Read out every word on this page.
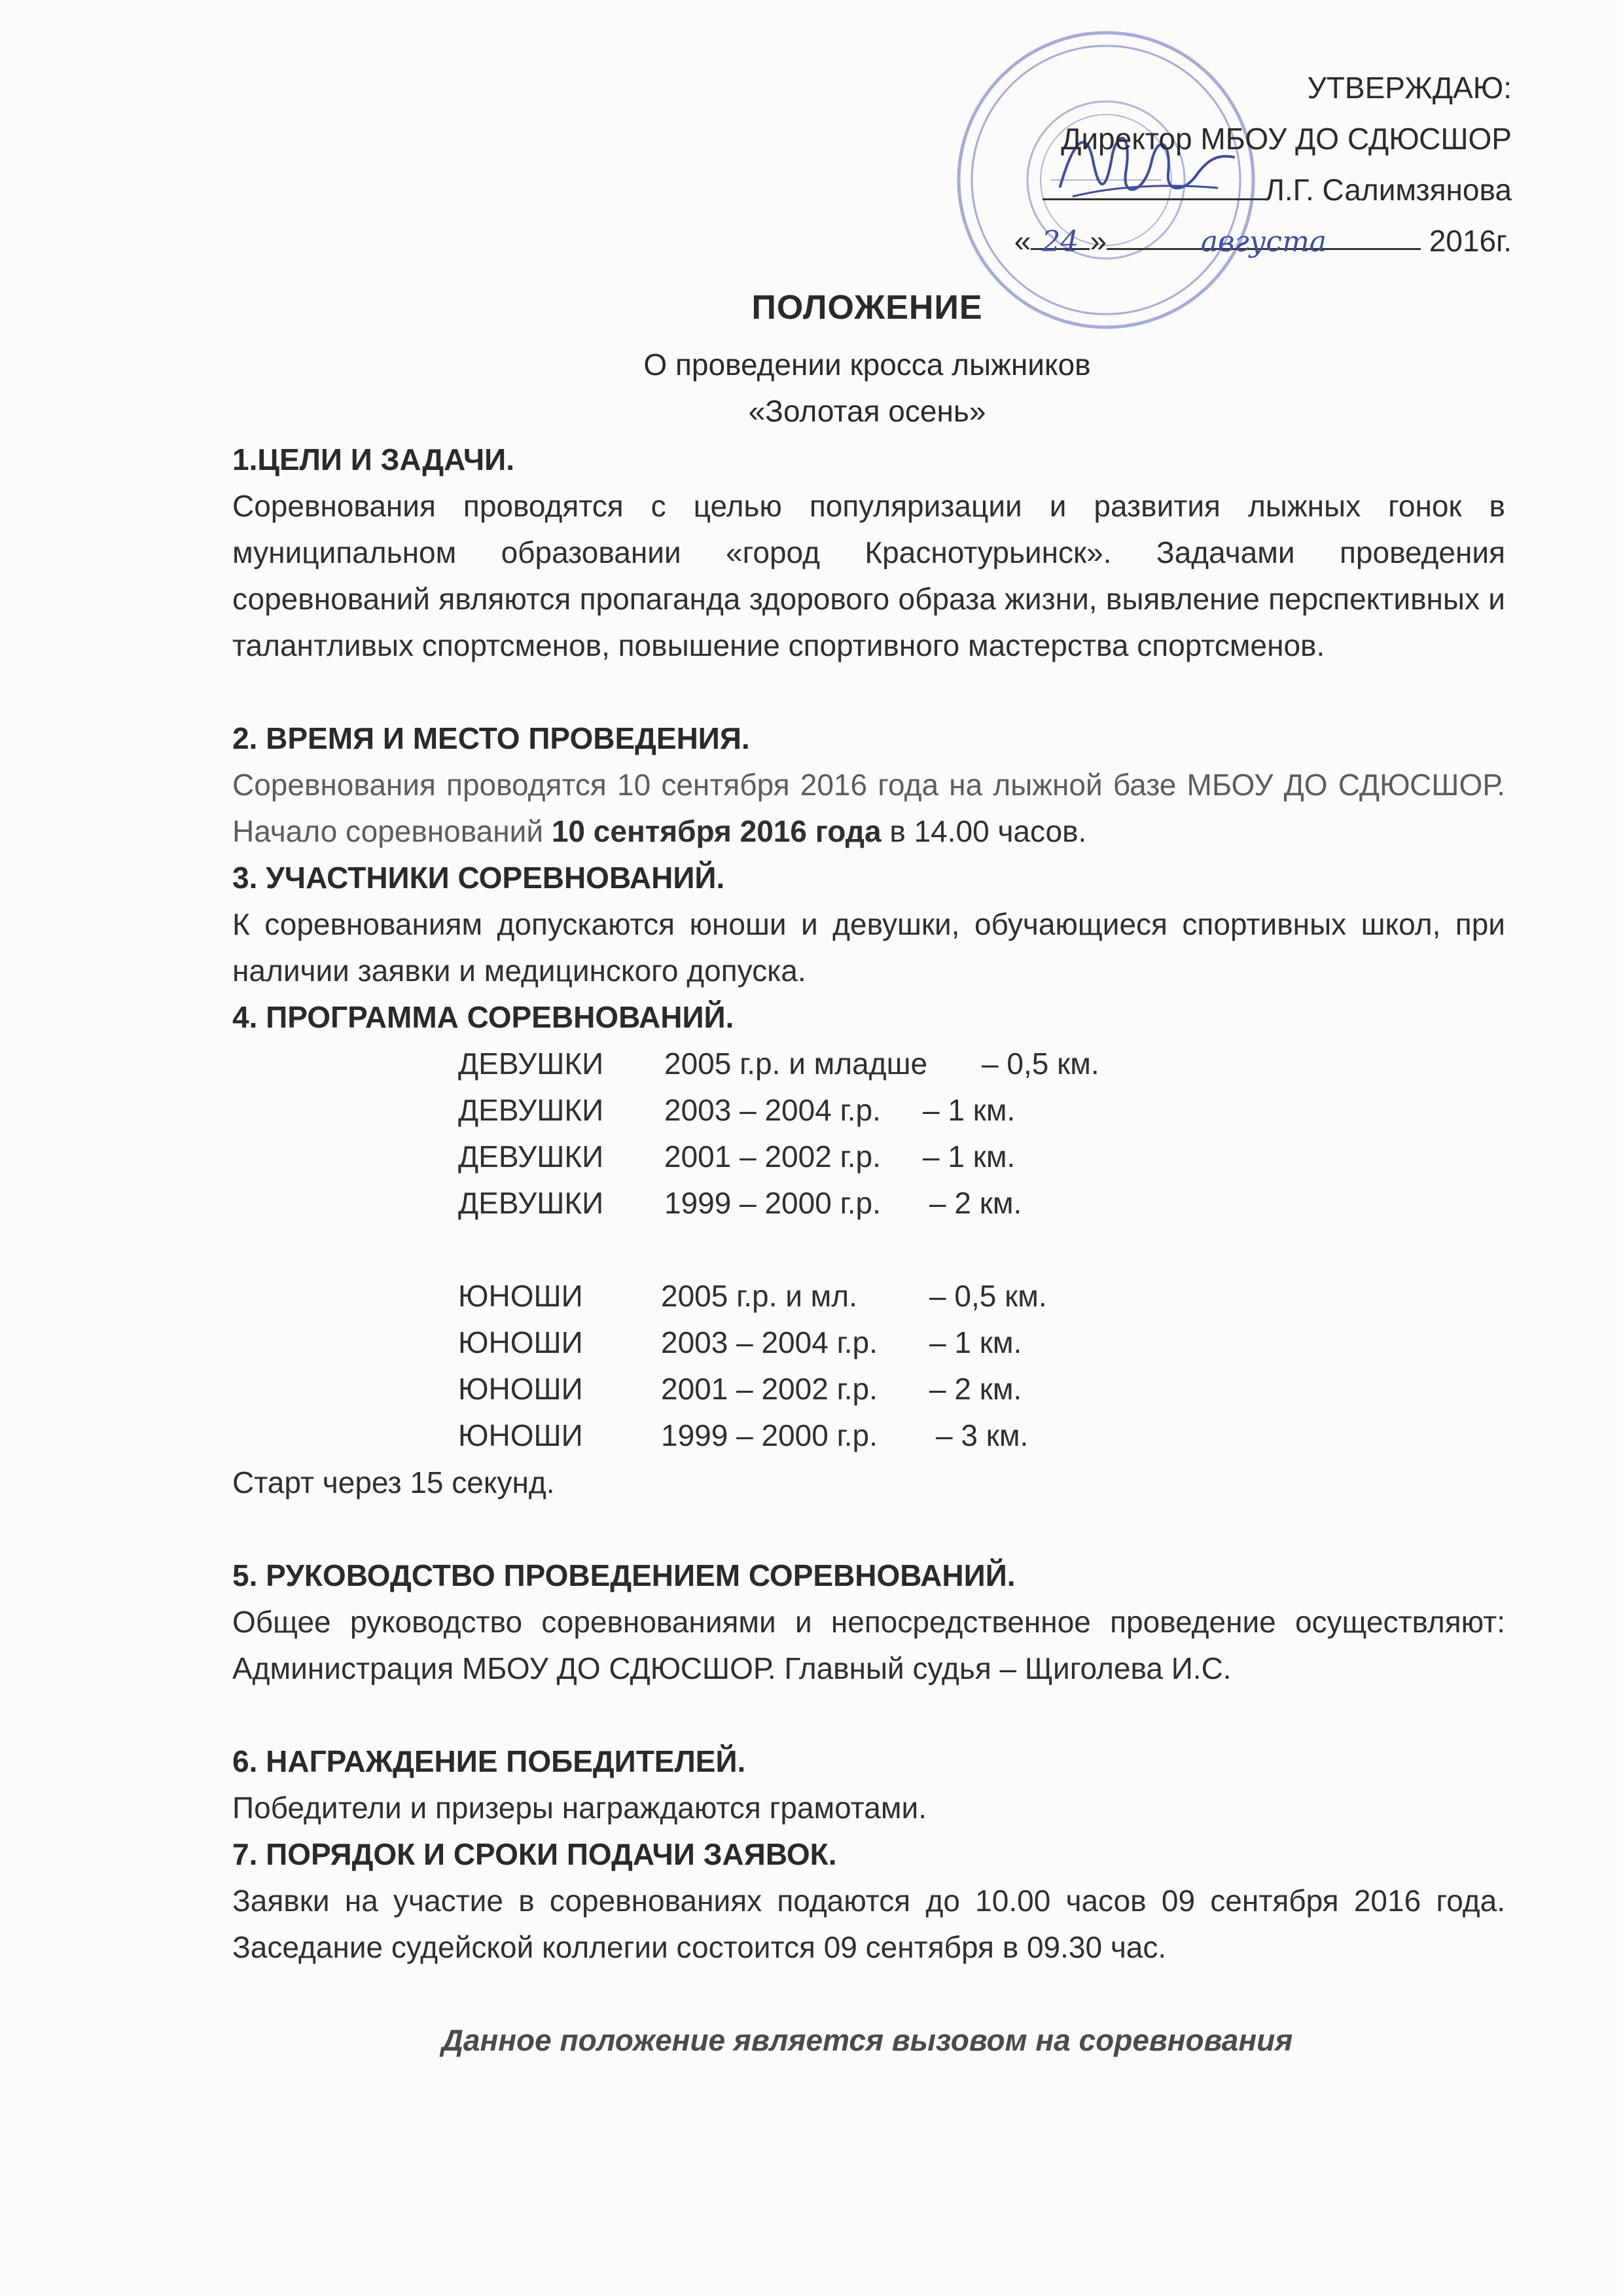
УТВЕРЖДАЮ:
Директор МБОУ ДО СДЮСШОР
Л.Г. Салимзянова
« 24 »	августа	2016г.
ПОЛОЖЕНИЕ
О проведении кросса лыжников
«Золотая осень»
1.ЦЕЛИ И ЗАДАЧИ.
Соревнования проводятся с целью популяризации и развития лыжных гонок в муниципальном образовании «город Краснотурьинск». Задачами проведения соревнований являются пропаганда здорового образа жизни, выявление перспективных и талантливых спортсменов, повышение спортивного мастерства спортсменов.
2. ВРЕМЯ И МЕСТО ПРОВЕДЕНИЯ.
Соревнования проводятся 10 сентября 2016 года на лыжной базе МБОУ ДО СДЮСШОР. Начало соревнований 10 сентября 2016 года в 14.00 часов.
3. УЧАСТНИКИ СОРЕВНОВАНИЙ.
К соревнованиям допускаются юноши и девушки, обучающиеся спортивных школ, при наличии заявки и медицинского допуска.
4. ПРОГРАММА СОРЕВНОВАНИЙ.
ДЕВУШКИ 2005 г.р. и младше – 0,5 км.
ДЕВУШКИ 2003 – 2004 г.р. – 1 км.
ДЕВУШКИ 2001 – 2002 г.р. – 1 км.
ДЕВУШКИ 1999 – 2000 г.р. – 2 км.
ЮНОШИ	2005 г.р. и мл. – 0,5 км.
ЮНОШИ	2003 – 2004 г.р. – 1 км.
ЮНОШИ	2001 – 2002 г.р. – 2 км.
ЮНОШИ	1999 – 2000 г.р. – 3 км.
Старт через 15 секунд.
5. РУКОВОДСТВО ПРОВЕДЕНИЕМ СОРЕВНОВАНИЙ.
Общее руководство соревнованиями и непосредственное проведение осуществляют: Администрация МБОУ ДО СДЮСШОР. Главный судья – Щиголева И.С.
6. НАГРАЖДЕНИЕ ПОБЕДИТЕЛЕЙ.
Победители и призеры награждаются грамотами.
7. ПОРЯДОК И СРОКИ ПОДАЧИ ЗАЯВОК.
Заявки на участие в соревнованиях подаются до 10.00 часов 09 сентября 2016 года. Заседание судейской коллегии состоится 09 сентября в 09.30 час.
Данное положение является вызовом на соревнования
